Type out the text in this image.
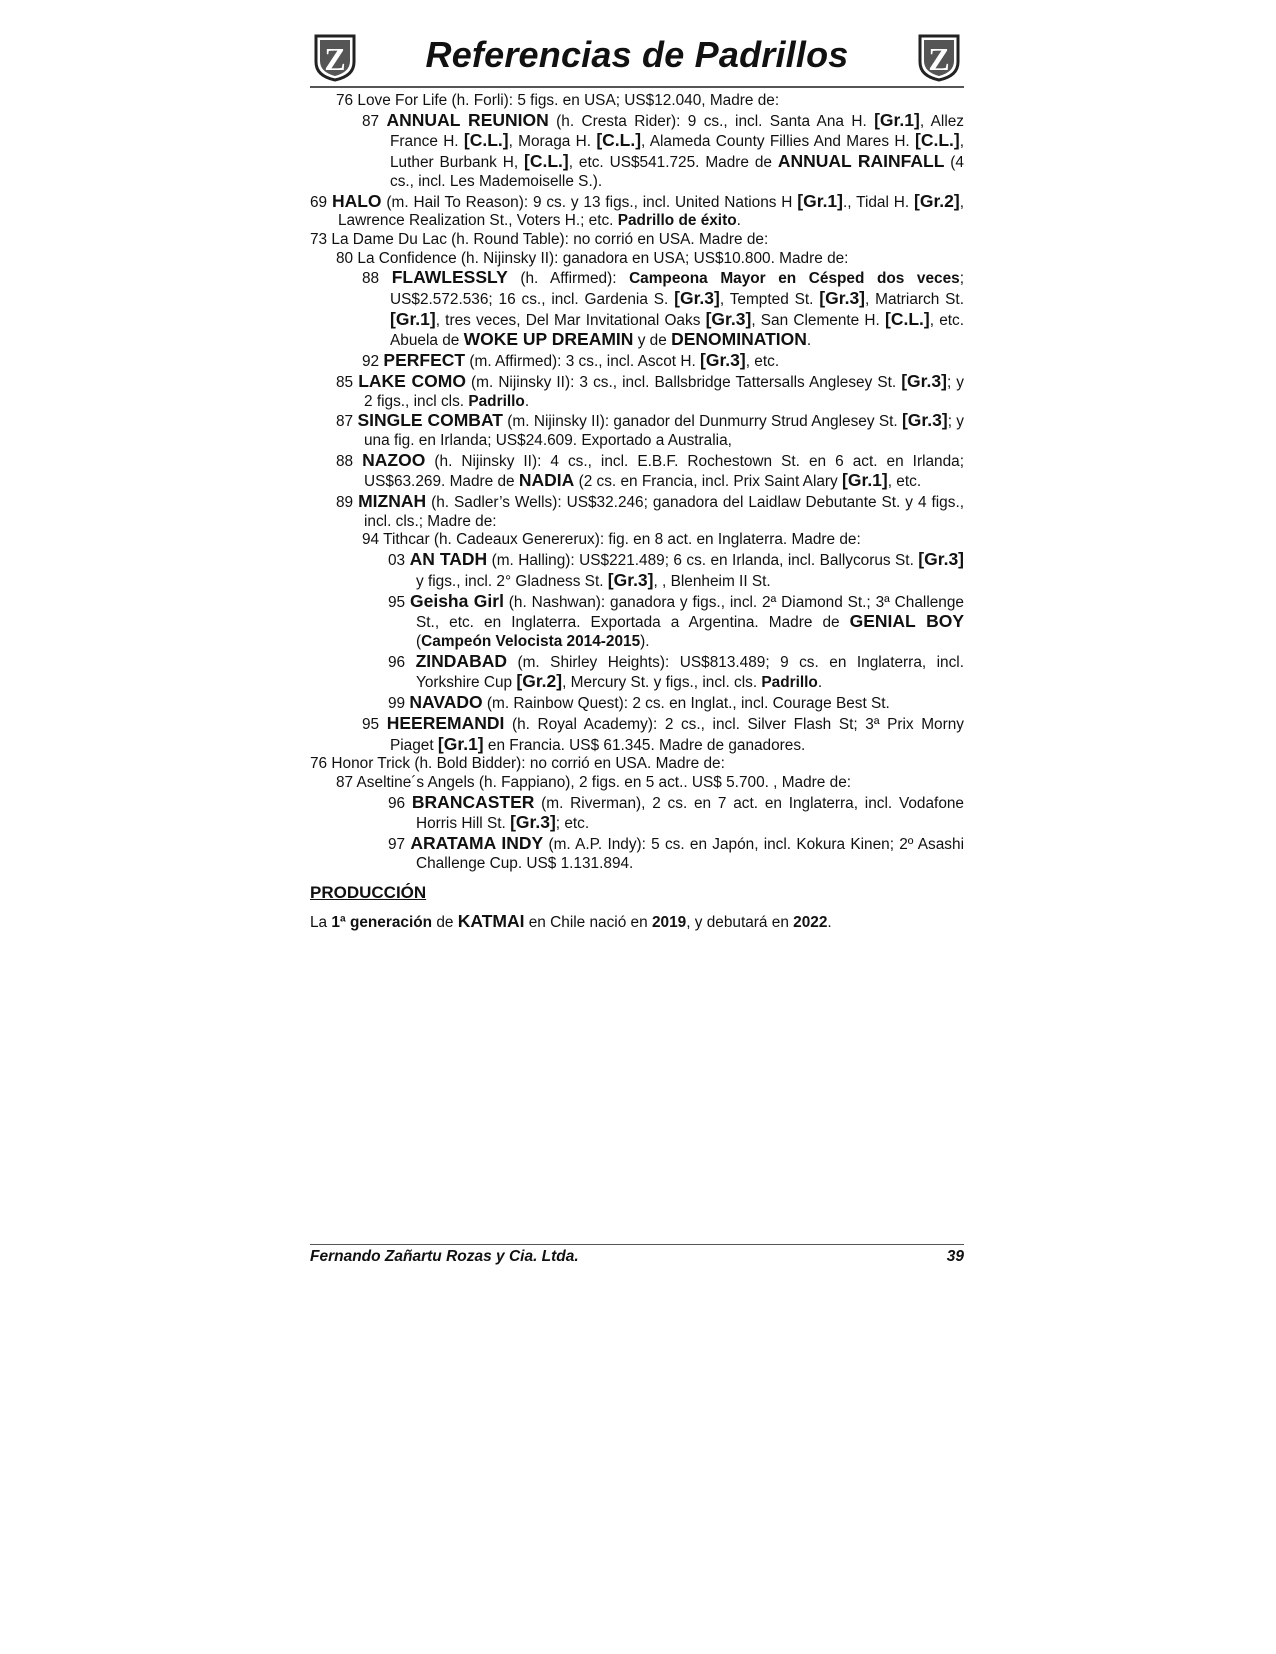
Z	Referencias de Padrillos	Z
76 Love For Life (h. Forli): 5 figs. en USA; US$12.040, Madre de:
87 ANNUAL REUNION (h. Cresta Rider): 9 cs., incl. Santa Ana H. [Gr.1], Allez France H. [C.L.], Moraga H. [C.L.], Alameda County Fillies And Mares H. [C.L.], Luther Burbank H, [C.L.], etc. US$541.725. Madre de ANNUAL RAINFALL (4 cs., incl. Les Mademoiselle S.).
69 HALO (m. Hail To Reason): 9 cs. y 13 figs., incl. United Nations H [Gr.1]., Tidal H. [Gr.2], Lawrence Realization St., Voters H.; etc. Padrillo de éxito.
73 La Dame Du Lac (h. Round Table): no corrió en USA. Madre de:
80 La Confidence (h. Nijinsky II): ganadora en USA; US$10.800. Madre de:
88 FLAWLESSLY (h. Affirmed): Campeona Mayor en Césped dos veces; US$2.572.536; 16 cs., incl. Gardenia S. [Gr.3], Tempted St. [Gr.3], Matriarch St. [Gr.1], tres veces, Del Mar Invitational Oaks [Gr.3], San Clemente H. [C.L.], etc. Abuela de WOKE UP DREAMIN y de DENOMINATION.
92 PERFECT (m. Affirmed): 3 cs., incl. Ascot H. [Gr.3], etc.
85 LAKE COMO (m. Nijinsky II): 3 cs., incl. Ballsbridge Tattersalls Anglesey St. [Gr.3]; y 2 figs., incl cls. Padrillo.
87 SINGLE COMBAT (m. Nijinsky II): ganador del Dunmurry Strud Anglesey St. [Gr.3]; y una fig. en Irlanda; US$24.609. Exportado a Australia,
88 NAZOO (h. Nijinsky II): 4 cs., incl. E.B.F. Rochestown St. en 6 act. en Irlanda; US$63.269. Madre de NADIA (2 cs. en Francia, incl. Prix Saint Alary [Gr.1], etc.
89 MIZNAH (h. Sadler’s Wells): US$32.246; ganadora del Laidlaw Debutante St. y 4 figs., incl. cls.; Madre de:
94 Tithcar (h. Cadeaux Genererux): fig. en 8 act. en Inglaterra. Madre de:
03 AN TADH (m. Halling): US$221.489; 6 cs. en Irlanda, incl. Ballycorus St. [Gr.3] y figs., incl. 2° Gladness St. [Gr.3], , Blenheim II St.
95 Geisha Girl (h. Nashwan): ganadora y figs., incl. 2ª Diamond St.; 3ª Challenge St., etc. en Inglaterra. Exportada a Argentina. Madre de GENIAL BOY (Campeón Velocista 2014-2015).
96 ZINDABAD (m. Shirley Heights): US$813.489; 9 cs. en Inglaterra, incl. Yorkshire Cup [Gr.2], Mercury St. y figs., incl. cls. Padrillo.
99 NAVADO (m. Rainbow Quest): 2 cs. en Inglat., incl. Courage Best St.
95 HEEREMANDI (h. Royal Academy): 2 cs., incl. Silver Flash St; 3ª Prix Morny Piaget [Gr.1] en Francia. US$ 61.345. Madre de ganadores.
76 Honor Trick (h. Bold Bidder): no corrió en USA. Madre de:
87 Aseltine´s Angels (h. Fappiano), 2 figs. en 5 act.. US$ 5.700. , Madre de:
96 BRANCASTER (m. Riverman), 2 cs. en 7 act. en Inglaterra, incl. Vodafone Horris Hill St. [Gr.3]; etc.
97 ARATAMA INDY (m. A.P. Indy): 5 cs. en Japón, incl. Kokura Kinen; 2º Asashi Challenge Cup. US$ 1.131.894.
PRODUCCIÓN
La 1ª generación de KATMAI en Chile nació en 2019, y debutará en 2022.
Fernando Zañartu Rozas y Cia. Ltda.	39
